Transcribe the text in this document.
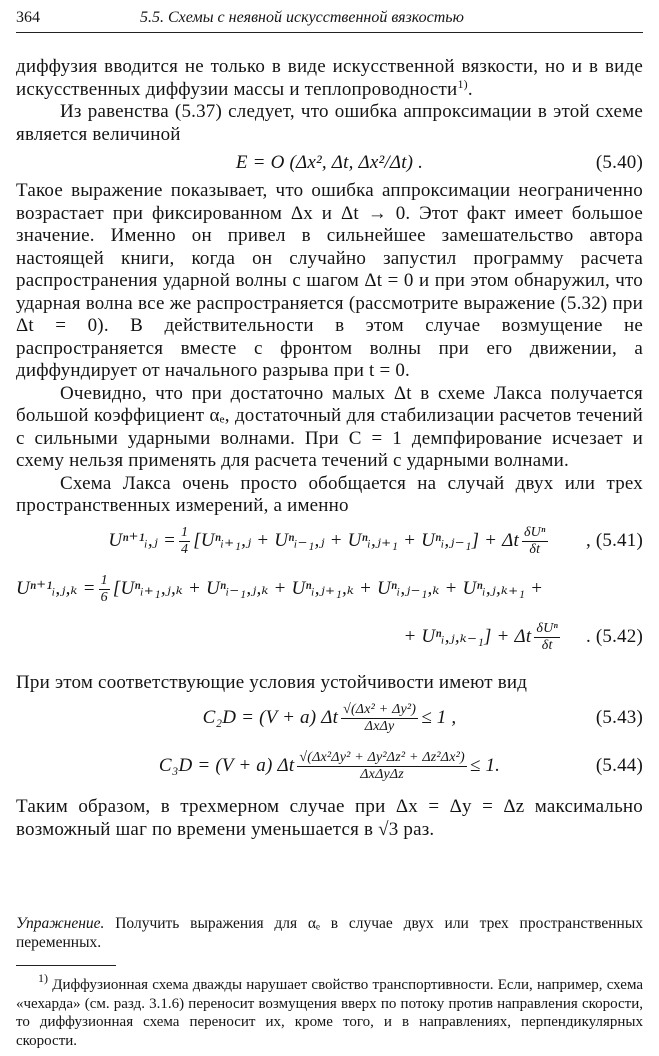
364	5.5. Схемы с неявной искусственной вязкостью

диффузия вводится не только в виде искусственной вязкости, но и в виде искусственных диффузии массы и теплопроводности$^{1)}$.

Из равенства (5.37) следует, что ошибка аппроксимации в этой схеме является величиной

E = O (Δx², Δt, Δx²/Δt) .	(5.40)

Такое выражение показывает, что ошибка аппроксимации неограниченно возрастает при фиксированном Δx и Δt → 0. Этот факт имеет большое значение. Именно он привел в сильнейшее замешательство автора настоящей книги, когда он случайно запустил программу расчета распространения ударной волны с шагом Δt = 0 и при этом обнаружил, что ударная волна все же распространяется (рассмотрите выражение (5.32) при Δt = 0). В действительности в этом случае возмущение не распространяется вместе с фронтом волны при его движении, а диффундирует от начального разрыва при t = 0.

Очевидно, что при достаточно малых Δt в схеме Лакса получается большой коэффициент αₑ, достаточный для стабилизации расчетов течений с сильными ударными волнами. При C = 1 демпфирование исчезает и схему нельзя применять для расчета течений с ударными волнами.

Схема Лакса очень просто обобщается на случай двух или трех пространственных измерений, а именно

Uⁿ⁺¹ᵢ,ⱼ = $\frac{1}{4}$ [Uⁿᵢ₊₁,ⱼ + Uⁿᵢ₋₁,ⱼ + Uⁿᵢ,ⱼ₊₁ + Uⁿᵢ,ⱼ₋₁] + Δt $\frac{\text{δUⁿ}}{\delta t}$ , (5.41)
Uⁿ⁺¹ᵢ,ⱼ,ₖ = $\frac{1}{6}$ [Uⁿᵢ₊₁,ⱼ,ₖ + Uⁿᵢ₋₁,ⱼ,ₖ + Uⁿᵢ,ⱼ₊₁,ₖ + Uⁿᵢ,ⱼ₋₁,ₖ + Uⁿᵢ,ⱼ,ₖ₊₁ +
+ Uⁿᵢ,ⱼ,ₖ₋₁] + Δt $\frac{\text{δUⁿ}}{\delta t}$ . (5.42)

При этом соответствующие условия устойчивости имеют вид

C₂D = (V + a) Δt $\frac{\text{√(Δx² + Δy²)}}{\text{ΔxΔy}} \le 1$ ,	(5.43)
C₃D = (V + a) Δt $\frac{\text{√(Δx²Δy² + Δy²Δz² + Δz²Δx²)}}{\text{ΔxΔyΔz}} \le 1$.	(5.44)

Таким образом, в трехмерном случае при Δx = Δy = Δz максимально возможный шаг по времени уменьшается в √3 раз.

Упражнение. Получить выражения для αₑ в случае двух или трех пространственных переменных.

$^{1)}$ Диффузионная схема дважды нарушает свойство транспортивности. Если, например, схема «чехарда» (см. разд. 3.1.6) переносит возмущения вверх по потоку против направления скорости, то диффузионная схема переносит их, кроме того, и в направлениях, перпендикулярных скорости.
